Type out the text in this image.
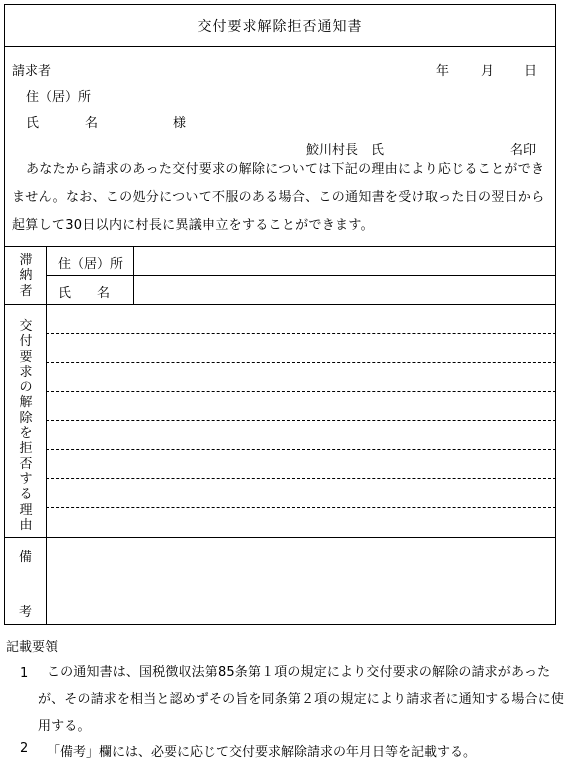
交付要求解除拒否通知書
請求者	年 月 日
住（居）所
氏	名	様
鮫川村長　氏	名印
あなたから請求のあった交付要求の解除については下記の理由により応じることができません。なお、この処分について不服のある場合、この通知書を受け取った日の翌日から起算して30日以内に村長に異議申立をすることができます。
滞納者
住（居）所
氏　　名
交付要求の解除を拒否する理由
備
考
記載要領
1	この通知書は、国税徴収法第85条第１項の規定により交付要求の解除の請求があったが、その請求を相当と認めずその旨を同条第２項の規定により請求者に通知する場合に使用する。
2 「備考」欄には、必要に応じて交付要求解除請求の年月日等を記載する。
